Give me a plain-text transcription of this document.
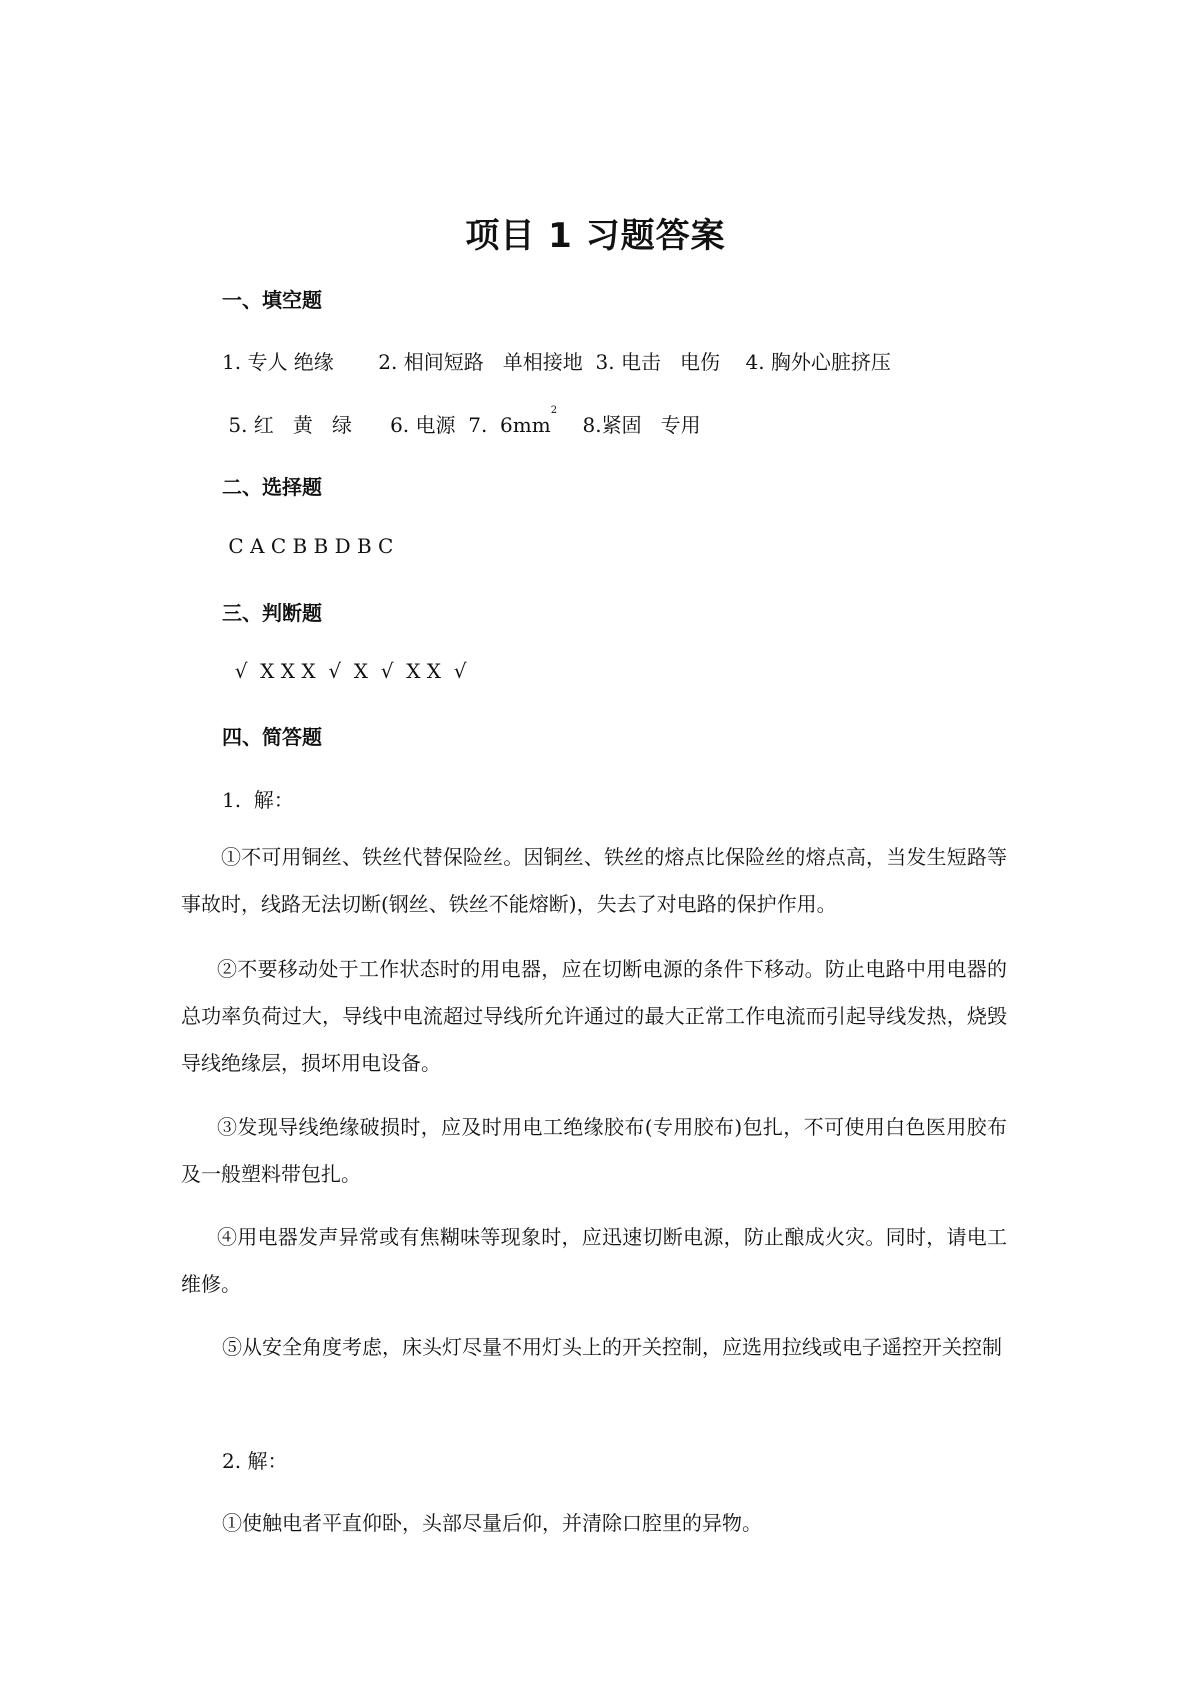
项目 1 习题答案
一、填空题
1. 专人 绝缘       2. 相间短路   单相接地  3. 电击   电伤    4. 胸外心脏挤压
5. 红   黄   绿      6. 电源  7.  $6mm^2$    8.紧固   专用
二、选择题
C A C B B D B C
三、判断题
√  X X X  √  X  √  X X  √
四、简答题
1.  解：
①不可用铜丝、铁丝代替保险丝。因铜丝、铁丝的熔点比保险丝的熔点高，当发生短路等事故时，线路无法切断(钢丝、铁丝不能熔断)，失去了对电路的保护作用。
②不要移动处于工作状态时的用电器，应在切断电源的条件下移动。防止电路中用电器的总功率负荷过大，导线中电流超过导线所允许通过的最大正常工作电流而引起导线发热，烧毁导线绝缘层，损坏用电设备。
③发现导线绝缘破损时，应及时用电工绝缘胶布(专用胶布)包扎，不可使用白色医用胶布及一般塑料带包扎。
④用电器发声异常或有焦糊味等现象时，应迅速切断电源，防止酿成火灾。同时，请电工维修。
⑤从安全角度考虑，床头灯尽量不用灯头上的开关控制，应选用拉线或电子遥控开关控制
2. 解：
①使触电者平直仰卧，头部尽量后仰，并清除口腔里的异物。
